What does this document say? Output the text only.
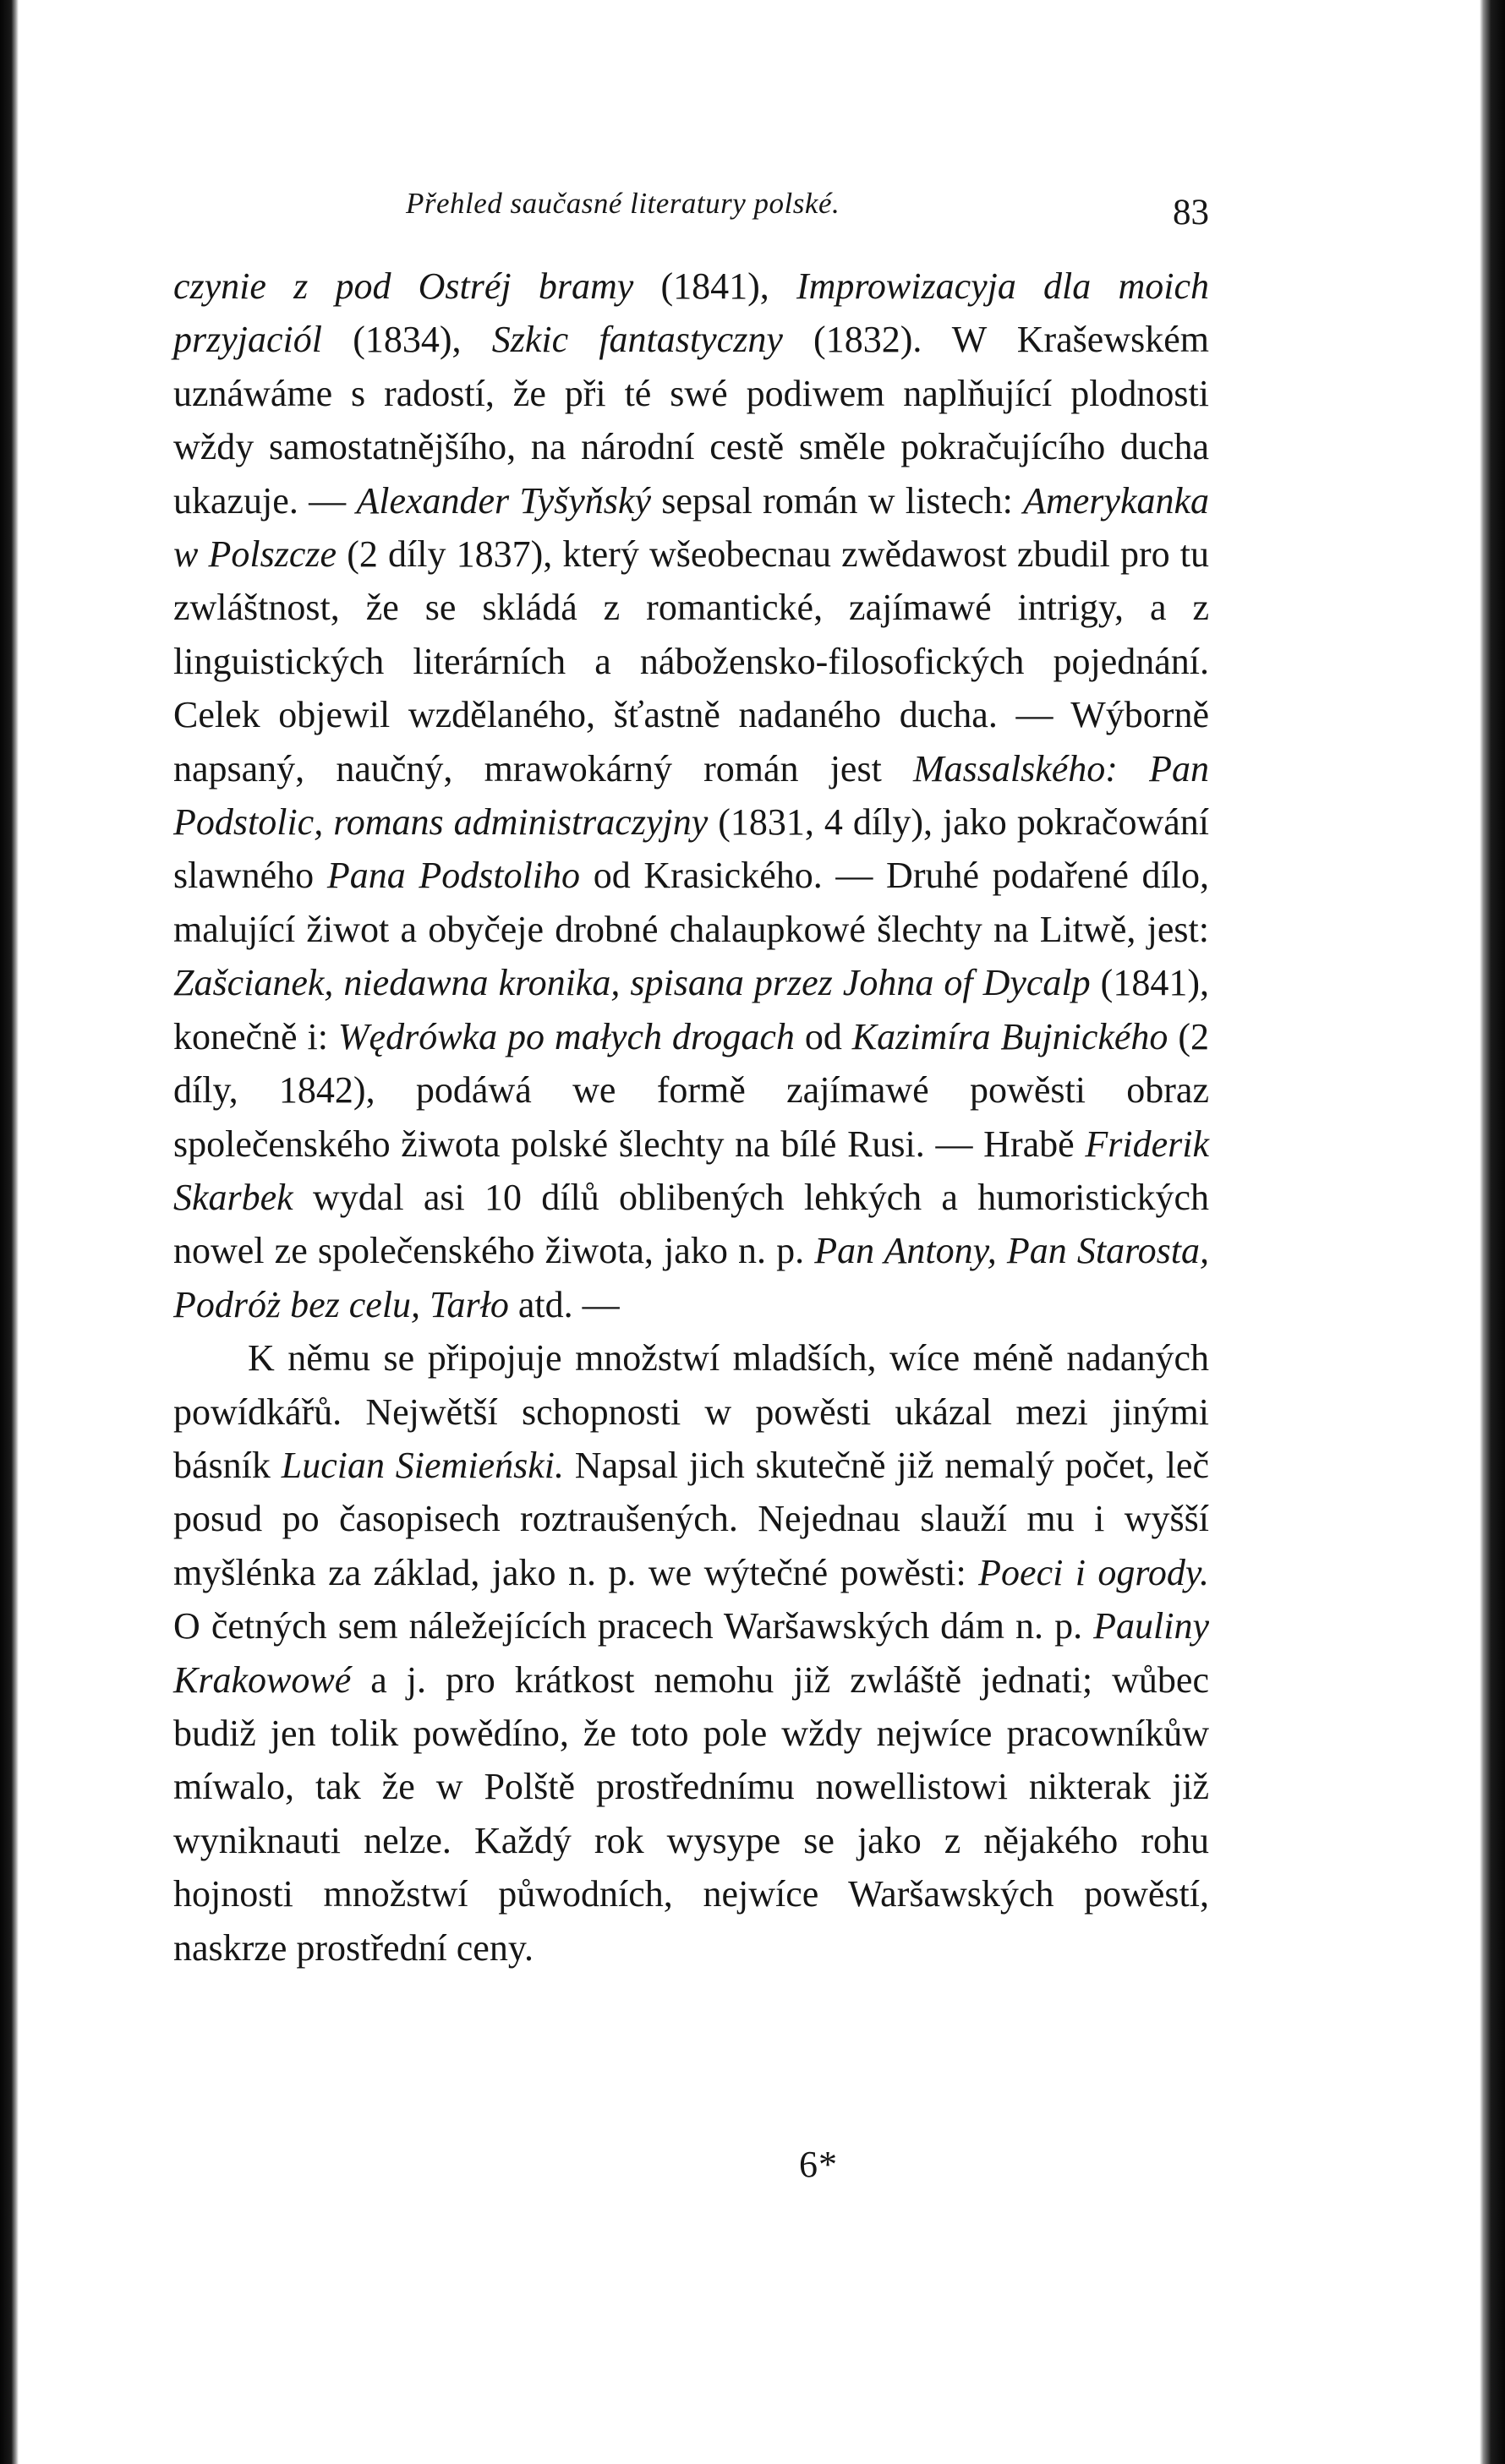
Přehled saučasné literatury polské.	83

czynie z pod Ostréj bramy (1841), Improwizacyja dla moich przyjaciól (1834), Szkic fantastyczny (1832). W Krašewském uznáwáme s radostí, že při té swé podiwem naplňující plodnosti wždy samostatnějšího, na národní cestě směle pokračujícího ducha ukazuje. — Alexander Tyšyňský sepsal román w listech: Amerykanka w Polszcze (2 díly 1837), který wšeobecnau zwědawost zbudil pro tu zwláštnost, že se skládá z romantické, zajímawé intrigy, a z linguistických literárních a nábožensko-filosofických pojednání. Celek objewil wzdělaného, šťastně nadaného ducha. — Wýborně napsaný, naučný, mrawokárný román jest Massalského: Pan Podstolic, romans administraczyjny (1831, 4 díly), jako pokračowání slawného Pana Podstoliho od Krasického. — Druhé podařené dílo, malující žiwot a obyčeje drobné chalaupkowé šlechty na Litwě, jest: Zašcianek, niedawna kronika, spisana przez Johna of Dycalp (1841), konečně i: Wędrówka po małych drogach od Kazimíra Bujnického (2 díly, 1842), podáwá we formě zajímawé powěsti obraz společenského žiwota polské šlechty na bílé Rusi. — Hrabě Friderik Skarbek wydal asi 10 dílů oblibených lehkých a humoristických nowel ze společenského žiwota, jako n. p. Pan Antony, Pan Starosta, Podróż bez celu, Tarło atd. —

K němu se připojuje množstwí mladších, wíce méně nadaných powídkářů. Nejwětší schopnosti w powěsti ukázal mezi jinými básník Lucian Siemieński. Napsal jich skutečně již nemalý počet, leč posud po časopisech roztraušených. Nejednau slauží mu i wyšší myšlénka za základ, jako n. p. we wýtečné powěsti: Poeci i ogrody. O četných sem náležejících pracech Waršawských dám n. p. Pauliny Krakowowé a j. pro krátkost nemohu již zwláště jednati; wůbec budiž jen tolik powědíno, že toto pole wždy nejwíce pracowníkůw míwalo, tak že w Polště prostřednímu nowellistowi nikterak již wyniknauti nelze. Každý rok wysype se jako z nějakého rohu hojnosti množstwí půwodních, nejwíce Waršawských powěstí, naskrze prostřední ceny.

6*
